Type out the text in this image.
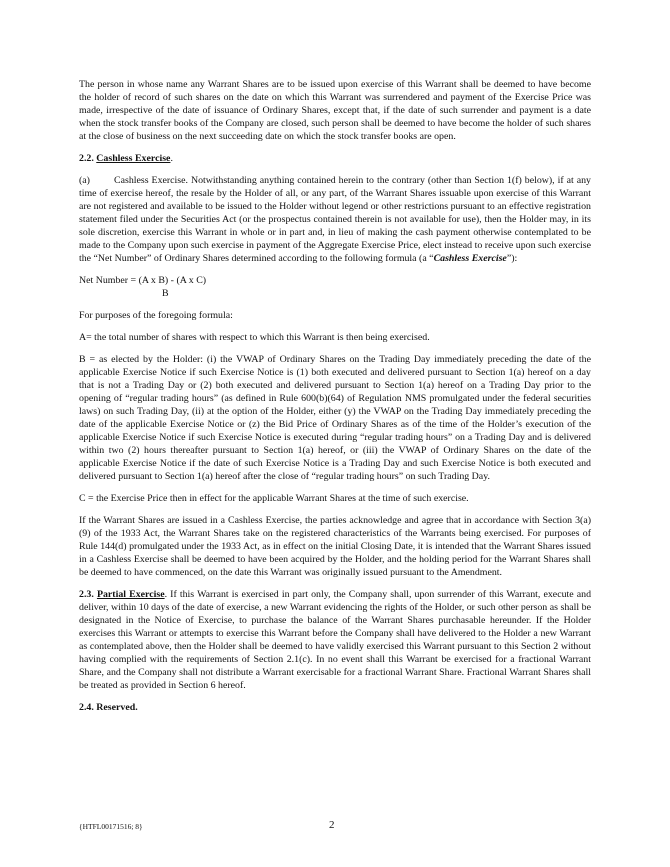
The person in whose name any Warrant Shares are to be issued upon exercise of this Warrant shall be deemed to have become the holder of record of such shares on the date on which this Warrant was surrendered and payment of the Exercise Price was made, irrespective of the date of issuance of Ordinary Shares, except that, if the date of such surrender and payment is a date when the stock transfer books of the Company are closed, such person shall be deemed to have become the holder of such shares at the close of business on the next succeeding date on which the stock transfer books are open.

2.2. Cashless Exercise.

(a) Cashless Exercise. Notwithstanding anything contained herein to the contrary (other than Section 1(f) below), if at any time of exercise hereof, the resale by the Holder of all, or any part, of the Warrant Shares issuable upon exercise of this Warrant are not registered and available to be issued to the Holder without legend or other restrictions pursuant to an effective registration statement filed under the Securities Act (or the prospectus contained therein is not available for use), then the Holder may, in its sole discretion, exercise this Warrant in whole or in part and, in lieu of making the cash payment otherwise contemplated to be made to the Company upon such exercise in payment of the Aggregate Exercise Price, elect instead to receive upon such exercise the “Net Number” of Ordinary Shares determined according to the following formula (a “Cashless Exercise”):

Net Number = (A x B) - (A x C)
B

For purposes of the foregoing formula:

A= the total number of shares with respect to which this Warrant is then being exercised.

B = as elected by the Holder: (i) the VWAP of Ordinary Shares on the Trading Day immediately preceding the date of the applicable Exercise Notice if such Exercise Notice is (1) both executed and delivered pursuant to Section 1(a) hereof on a day that is not a Trading Day or (2) both executed and delivered pursuant to Section 1(a) hereof on a Trading Day prior to the opening of “regular trading hours” (as defined in Rule 600(b)(64) of Regulation NMS promulgated under the federal securities laws) on such Trading Day, (ii) at the option of the Holder, either (y) the VWAP on the Trading Day immediately preceding the date of the applicable Exercise Notice or (z) the Bid Price of Ordinary Shares as of the time of the Holder’s execution of the applicable Exercise Notice if such Exercise Notice is executed during “regular trading hours” on a Trading Day and is delivered within two (2) hours thereafter pursuant to Section 1(a) hereof, or (iii) the VWAP of Ordinary Shares on the date of the applicable Exercise Notice if the date of such Exercise Notice is a Trading Day and such Exercise Notice is both executed and delivered pursuant to Section 1(a) hereof after the close of “regular trading hours” on such Trading Day.

C = the Exercise Price then in effect for the applicable Warrant Shares at the time of such exercise.

If the Warrant Shares are issued in a Cashless Exercise, the parties acknowledge and agree that in accordance with Section 3(a)(9) of the 1933 Act, the Warrant Shares take on the registered characteristics of the Warrants being exercised. For purposes of Rule 144(d) promulgated under the 1933 Act, as in effect on the initial Closing Date, it is intended that the Warrant Shares issued in a Cashless Exercise shall be deemed to have been acquired by the Holder, and the holding period for the Warrant Shares shall be deemed to have commenced, on the date this Warrant was originally issued pursuant to the Amendment.

2.3. Partial Exercise. If this Warrant is exercised in part only, the Company shall, upon surrender of this Warrant, execute and deliver, within 10 days of the date of exercise, a new Warrant evidencing the rights of the Holder, or such other person as shall be designated in the Notice of Exercise, to purchase the balance of the Warrant Shares purchasable hereunder. If the Holder exercises this Warrant or attempts to exercise this Warrant before the Company shall have delivered to the Holder a new Warrant as contemplated above, then the Holder shall be deemed to have validly exercised this Warrant pursuant to this Section 2 without having complied with the requirements of Section 2.1(c). In no event shall this Warrant be exercised for a fractional Warrant Share, and the Company shall not distribute a Warrant exercisable for a fractional Warrant Share. Fractional Warrant Shares shall be treated as provided in Section 6 hereof.

2.4. Reserved.

{HTFL00171516; 8}	2
